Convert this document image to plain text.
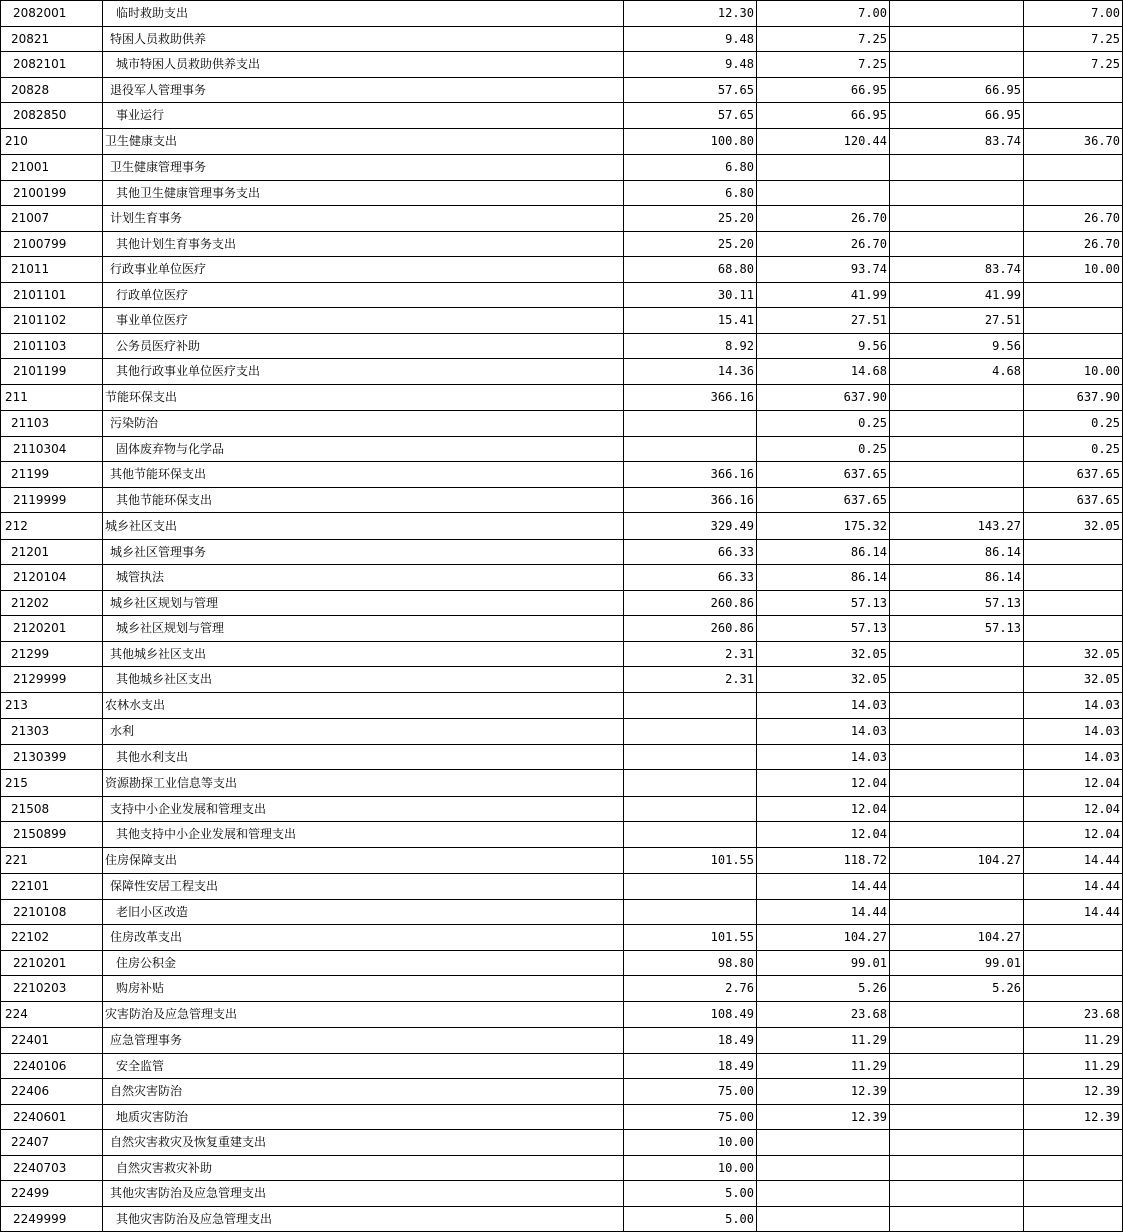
2082001	临时救助支出	12.30	7.00		7.00
20821	特困人员救助供养	9.48	7.25		7.25
2082101	城市特困人员救助供养支出	9.48	7.25		7.25
20828	退役军人管理事务	57.65	66.95	66.95	
2082850	事业运行	57.65	66.95	66.95	
210	卫生健康支出	100.80	120.44	83.74	36.70
21001	卫生健康管理事务	6.80			
2100199	其他卫生健康管理事务支出	6.80			
21007	计划生育事务	25.20	26.70		26.70
2100799	其他计划生育事务支出	25.20	26.70		26.70
21011	行政事业单位医疗	68.80	93.74	83.74	10.00
2101101	行政单位医疗	30.11	41.99	41.99	
2101102	事业单位医疗	15.41	27.51	27.51	
2101103	公务员医疗补助	8.92	9.56	9.56	
2101199	其他行政事业单位医疗支出	14.36	14.68	4.68	10.00
211	节能环保支出	366.16	637.90		637.90
21103	污染防治		0.25		0.25
2110304	固体废弃物与化学品		0.25		0.25
21199	其他节能环保支出	366.16	637.65		637.65
2119999	其他节能环保支出	366.16	637.65		637.65
212	城乡社区支出	329.49	175.32	143.27	32.05
21201	城乡社区管理事务	66.33	86.14	86.14	
2120104	城管执法	66.33	86.14	86.14	
21202	城乡社区规划与管理	260.86	57.13	57.13	
2120201	城乡社区规划与管理	260.86	57.13	57.13	
21299	其他城乡社区支出	2.31	32.05		32.05
2129999	其他城乡社区支出	2.31	32.05		32.05
213	农林水支出		14.03		14.03
21303	水利		14.03		14.03
2130399	其他水利支出		14.03		14.03
215	资源勘探工业信息等支出		12.04		12.04
21508	支持中小企业发展和管理支出		12.04		12.04
2150899	其他支持中小企业发展和管理支出		12.04		12.04
221	住房保障支出	101.55	118.72	104.27	14.44
22101	保障性安居工程支出		14.44		14.44
2210108	老旧小区改造		14.44		14.44
22102	住房改革支出	101.55	104.27	104.27	
2210201	住房公积金	98.80	99.01	99.01	
2210203	购房补贴	2.76	5.26	5.26	
224	灾害防治及应急管理支出	108.49	23.68		23.68
22401	应急管理事务	18.49	11.29		11.29
2240106	安全监管	18.49	11.29		11.29
22406	自然灾害防治	75.00	12.39		12.39
2240601	地质灾害防治	75.00	12.39		12.39
22407	自然灾害救灾及恢复重建支出	10.00			
2240703	自然灾害救灾补助	10.00			
22499	其他灾害防治及应急管理支出	5.00			
2249999	其他灾害防治及应急管理支出	5.00			
